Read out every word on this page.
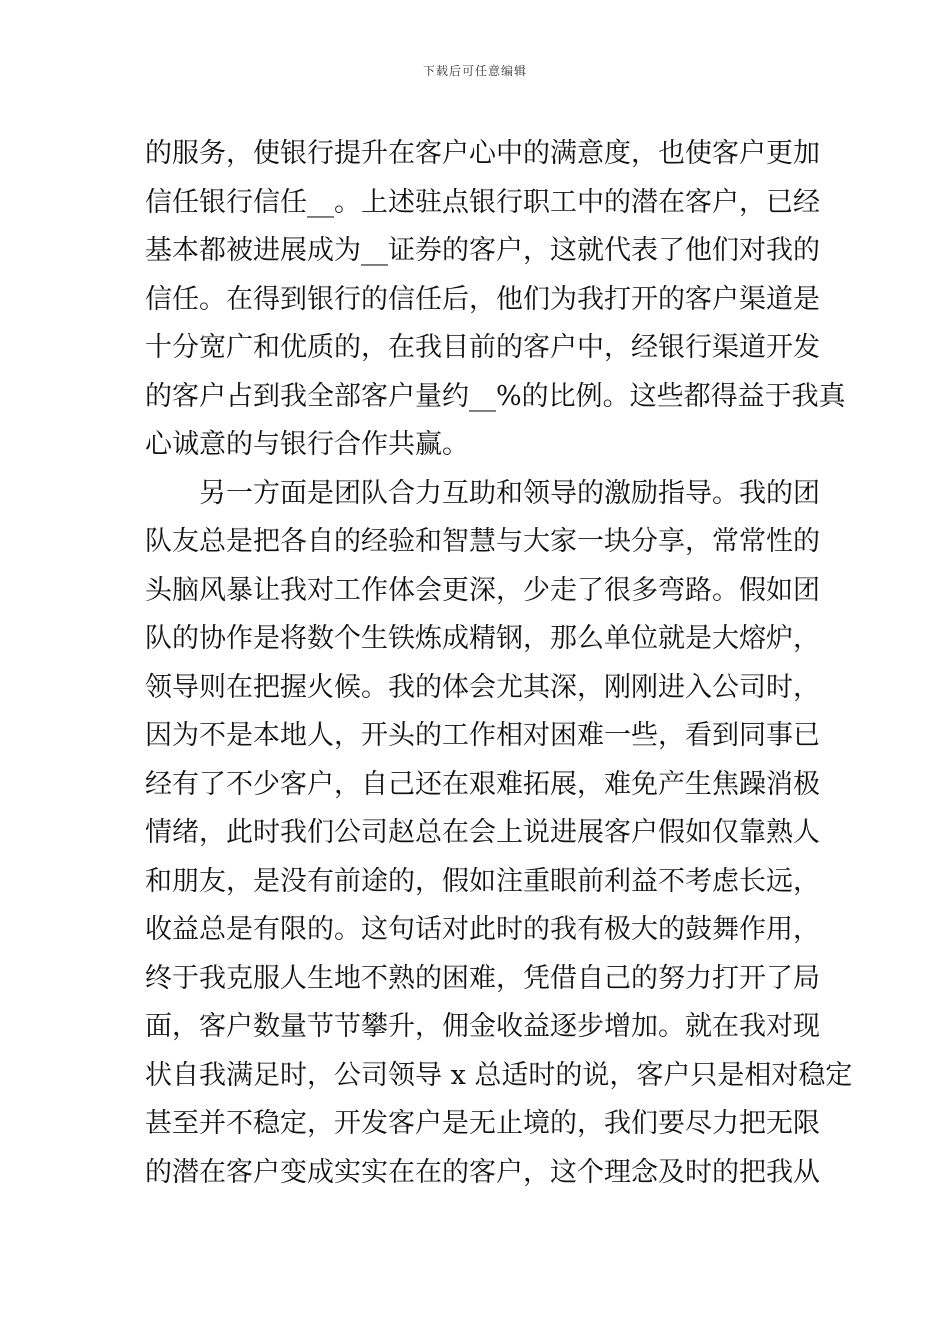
下载后可任意编辑
的服务，使银行提升在客户心中的满意度，也使客户更加
信任银行信任__。上述驻点银行职工中的潜在客户，已经
基本都被进展成为__证券的客户，这就代表了他们对我的
信任。在得到银行的信任后，他们为我打开的客户渠道是
十分宽广和优质的，在我目前的客户中，经银行渠道开发
的客户占到我全部客户量约__%的比例。这些都得益于我真
心诚意的与银行合作共赢。
　　另一方面是团队合力互助和领导的激励指导。我的团
队友总是把各自的经验和智慧与大家一块分享，常常性的
头脑风暴让我对工作体会更深，少走了很多弯路。假如团
队的协作是将数个生铁炼成精钢，那么单位就是大熔炉，
领导则在把握火候。我的体会尤其深，刚刚进入公司时，
因为不是本地人，开头的工作相对困难一些，看到同事已
经有了不少客户，自己还在艰难拓展，难免产生焦躁消极
情绪，此时我们公司赵总在会上说进展客户假如仅靠熟人
和朋友，是没有前途的，假如注重眼前利益不考虑长远，
收益总是有限的。这句话对此时的我有极大的鼓舞作用，
终于我克服人生地不熟的困难，凭借自己的努力打开了局
面，客户数量节节攀升，佣金收益逐步增加。就在我对现
状自我满足时，公司领导 x 总适时的说，客户只是相对稳定
甚至并不稳定，开发客户是无止境的，我们要尽力把无限
的潜在客户变成实实在在的客户，这个理念及时的把我从
